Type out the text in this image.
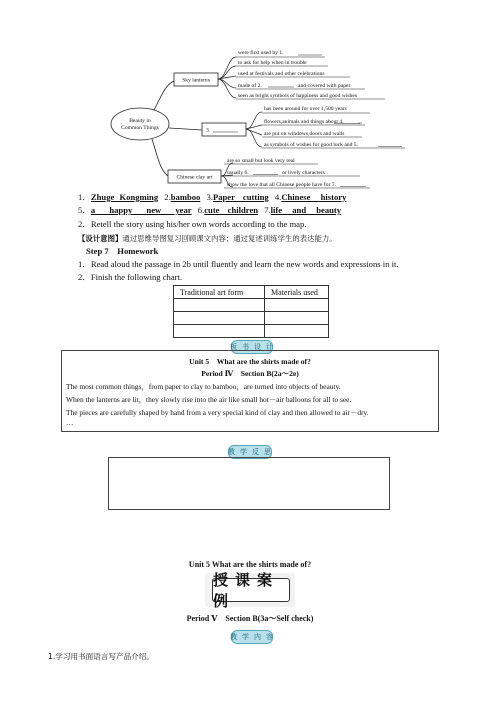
Beauty in
Common Things
Sky lanterns
were first used by 1.
to ask for help when in trouble
used at festivals and other celebrations
made of 2.	and covered with paper
seen as bright symbols of happiness and good wishes
3.
has been around for over 1,500 years
flowers,animals and things about 4.
are put on windows,doors and walls
as symbols of wishes for good luck and 5.
Chinese clay art
are so small but look very real
usually 6.	or lively characters
show the love that all Chinese people have for 7.
1．Zhuge Kongming 2.bamboo 3.Paper cutting 4.Chinese history
5．a happy new year 6.cute children 7.life and beauty
2．Retell the story using his/her own words according to the map.
【设计意图】通过思维导图复习回顾课文内容；通过复述训练学生的表达能力。
Step 7　Homework
1．Read aloud the passage in 2b until fluently and learn the new words and expressions in it.
2．Finish the following chart.
Traditional art form	Materials used

板 书 设 计
Unit 5　What are the shirts made of?
Period Ⅳ　Section B(2a～2e)
The most common things，from paper to clay to bamboo，are turned into objects of beauty.
When the lanterns are lit，they slowly rise into the air like small hot－air balloons for all to see.
The pieces are carefully shaped by hand from a very special kind of clay and then allowed to air－dry.
…
教 学 反 思
Unit 5 What are the shirts made of?
授课案例
Period Ⅴ　Section B(3a～Self check)
教 学 内 容
1.学习用书面语言写产品介绍。
